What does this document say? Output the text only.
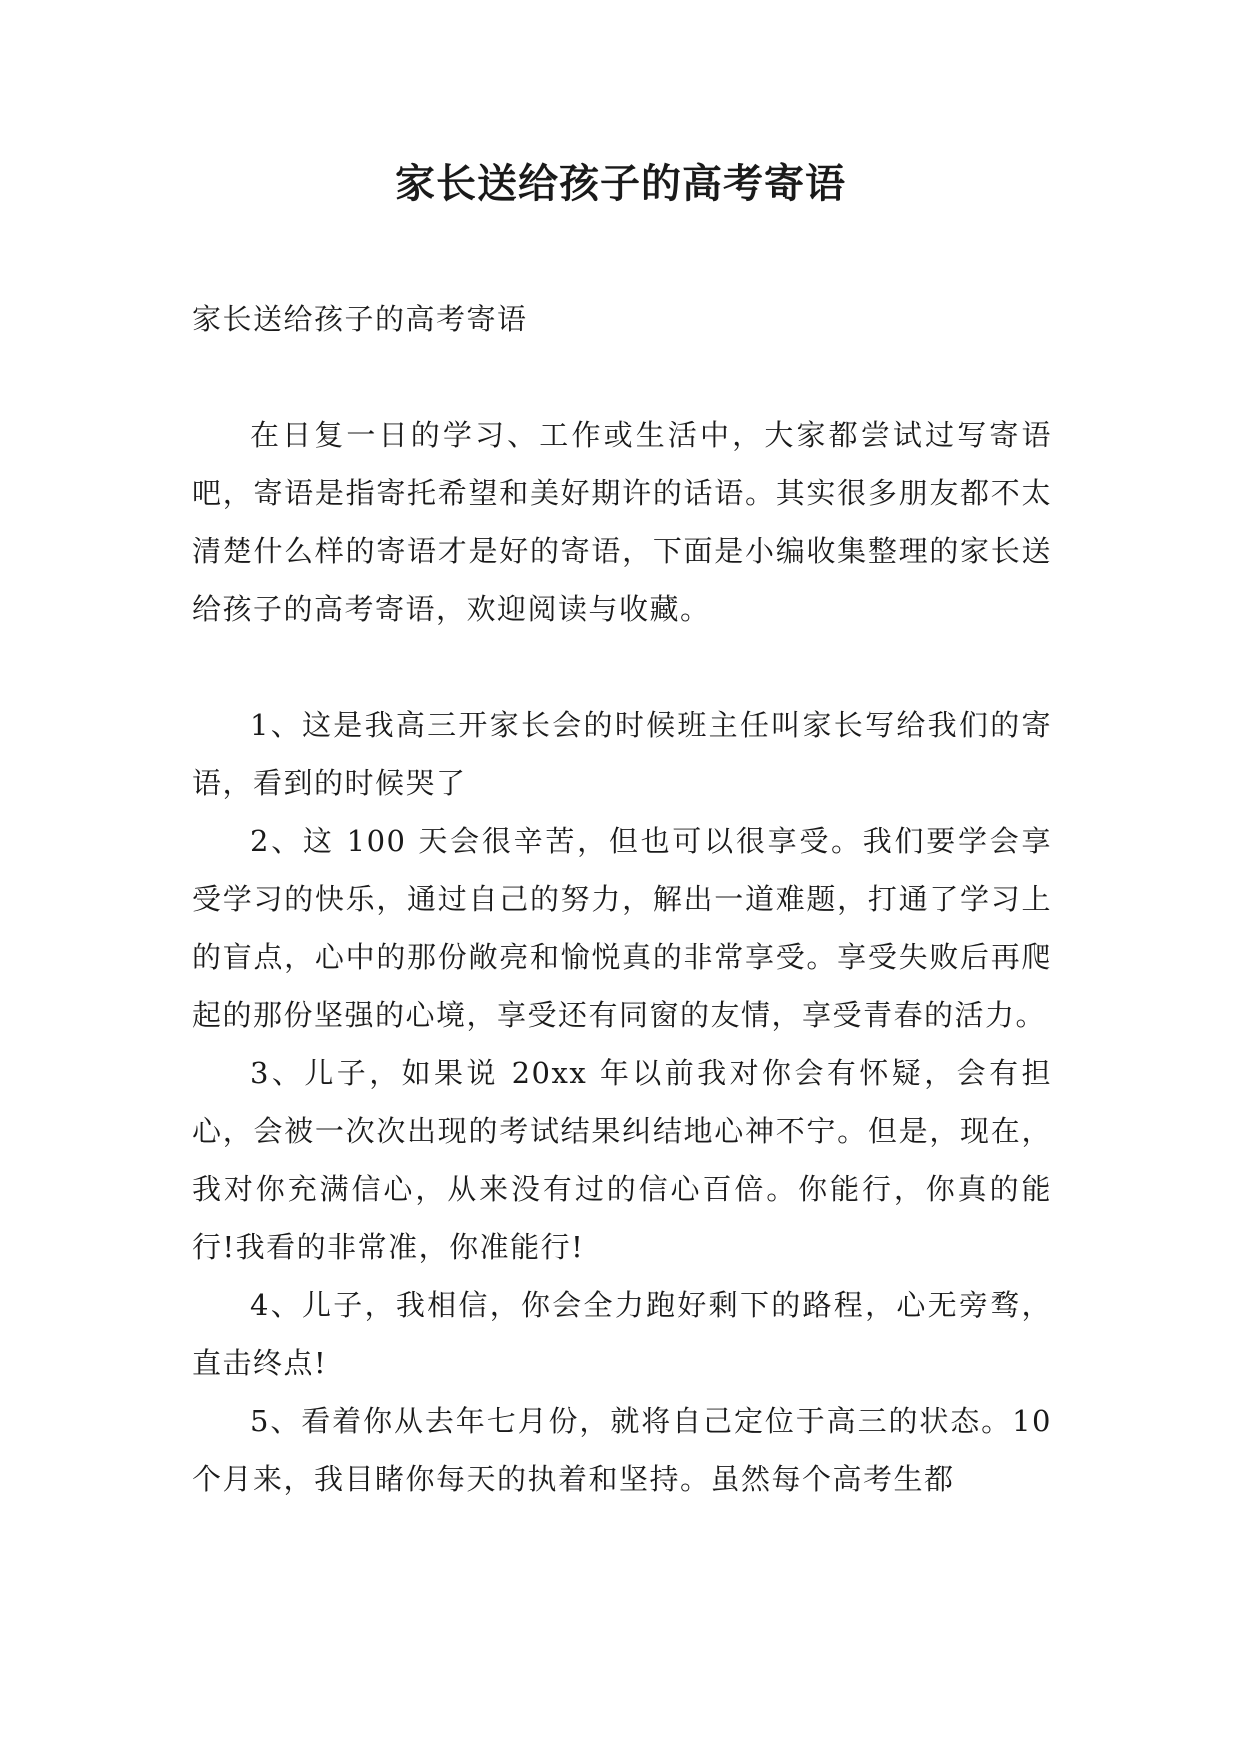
家长送给孩子的高考寄语

家长送给孩子的高考寄语

在日复一日的学习、工作或生活中，大家都尝试过写寄语吧，寄语是指寄托希望和美好期许的话语。其实很多朋友都不太清楚什么样的寄语才是好的寄语，下面是小编收集整理的家长送给孩子的高考寄语，欢迎阅读与收藏。

1、这是我高三开家长会的时候班主任叫家长写给我们的寄语，看到的时候哭了

2、这 100 天会很辛苦，但也可以很享受。我们要学会享受学习的快乐，通过自己的努力，解出一道难题，打通了学习上的盲点，心中的那份敞亮和愉悦真的非常享受。享受失败后再爬起的那份坚强的心境，享受还有同窗的友情，享受青春的活力。

3、儿子，如果说 20xx 年以前我对你会有怀疑，会有担心，会被一次次出现的考试结果纠结地心神不宁。但是，现在，我对你充满信心，从来没有过的信心百倍。你能行，你真的能行!我看的非常准，你准能行!

4、儿子，我相信，你会全力跑好剩下的路程，心无旁骛，直击终点!

5、看着你从去年七月份，就将自己定位于高三的状态。10 个月来，我目睹你每天的执着和坚持。虽然每个高考生都
